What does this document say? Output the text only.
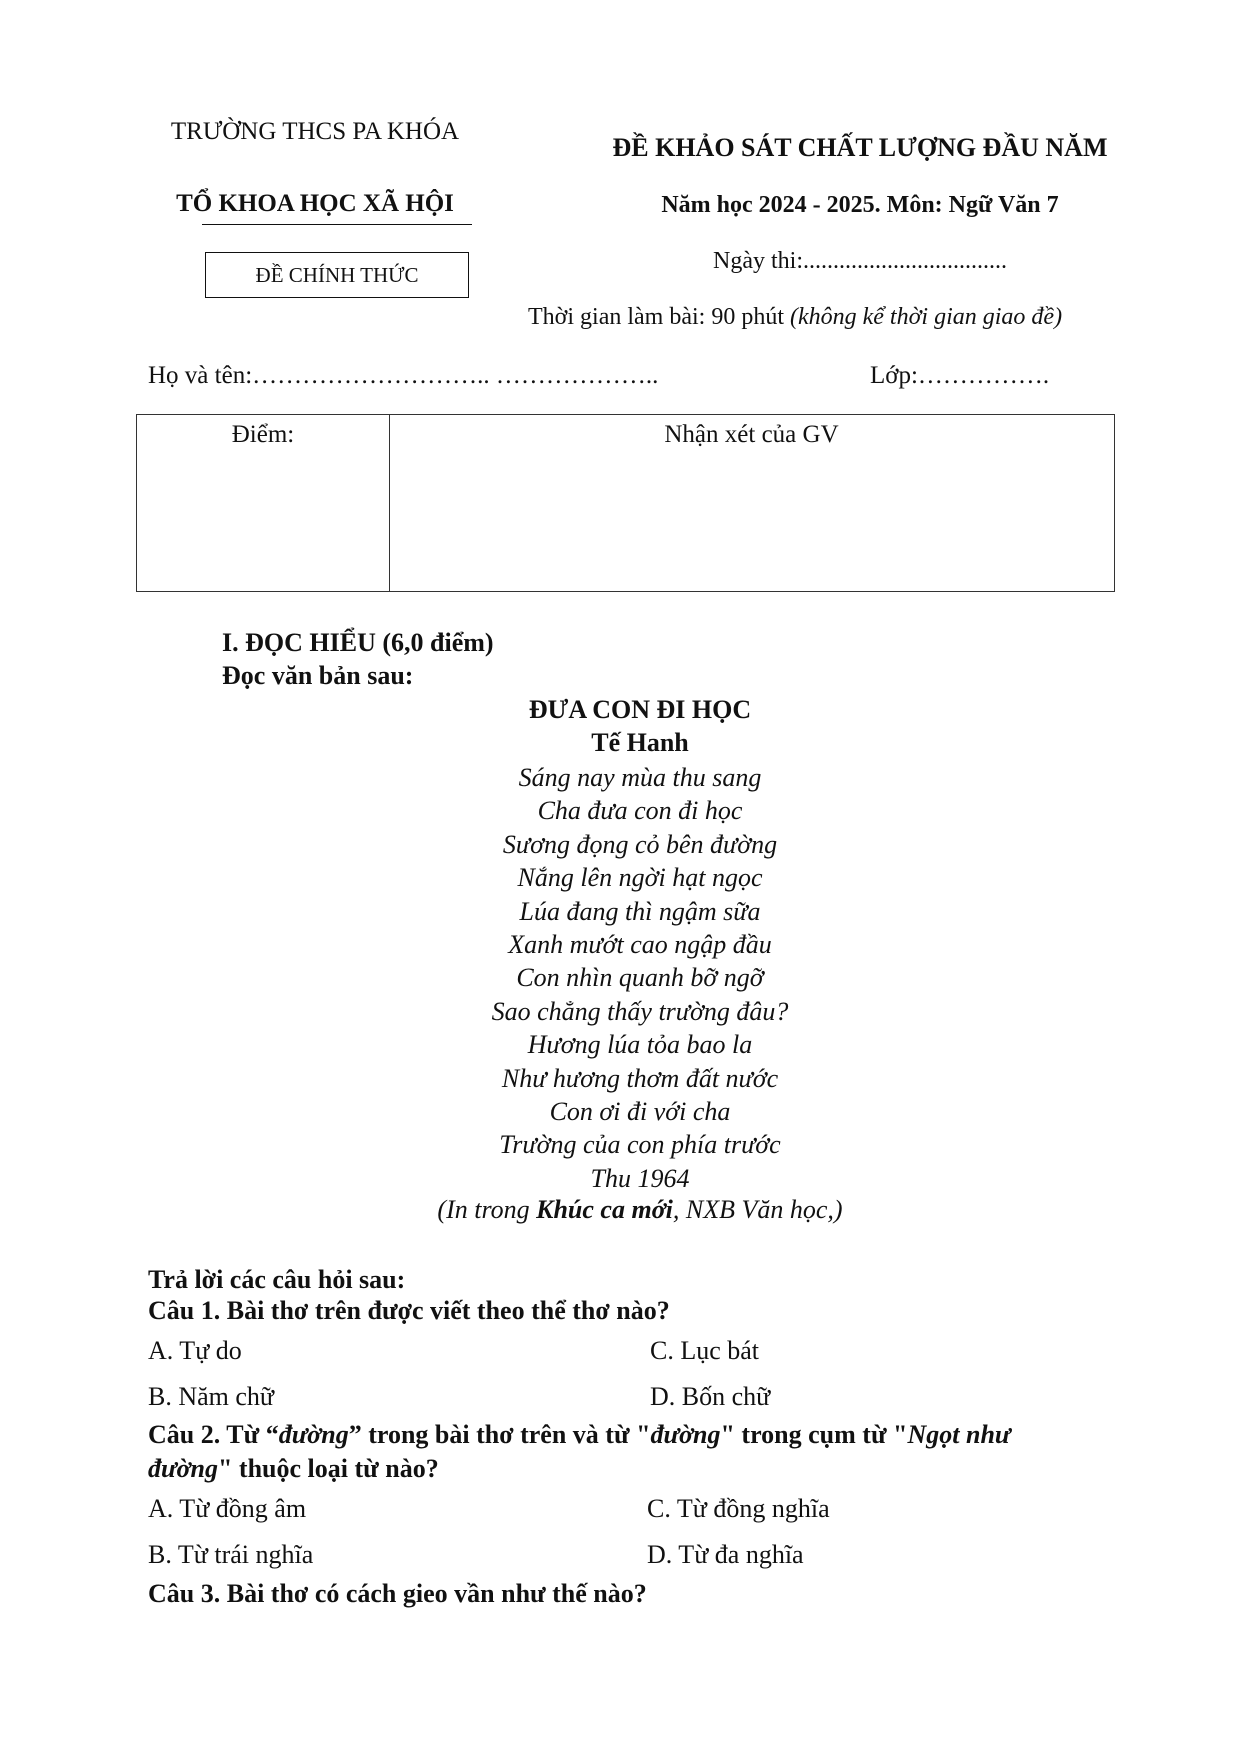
TRƯỜNG THCS PA KHÓA
TỔ KHOA HỌC XÃ HỘI
ĐỀ CHÍNH THỨC
ĐỀ KHẢO SÁT CHẤT LƯỢNG ĐẦU NĂM
Năm học 2024 - 2025. Môn: Ngữ Văn 7
Ngày thi:..................................
Thời gian làm bài: 90 phút (không kể thời gian giao đề)
Họ và tên:……………………….. ………………..	Lớp:…………….
Điểm:	Nhận xét của GV
I. ĐỌC HIỂU (6,0 điểm)
Đọc văn bản sau:
ĐƯA CON ĐI HỌC
Tế Hanh
Sáng nay mùa thu sang
Cha đưa con đi học
Sương đọng cỏ bên đường
Nắng lên ngời hạt ngọc
Lúa đang thì ngậm sữa
Xanh mướt cao ngập đầu
Con nhìn quanh bỡ ngỡ
Sao chẳng thấy trường đâu?
Hương lúa tỏa bao la
Như hương thơm đất nước
Con ơi đi với cha
Trường của con phía trước
Thu 1964
(In trong Khúc ca mới, NXB Văn học,)
Trả lời các câu hỏi sau:
Câu 1. Bài thơ trên được viết theo thể thơ nào?
A. Tự do	C. Lục bát
B. Năm chữ	D. Bốn chữ
Câu 2. Từ “đường” trong bài thơ trên và từ "đường" trong cụm từ "Ngọt như
đường" thuộc loại từ nào?
A. Từ đồng âm	C. Từ đồng nghĩa
B. Từ trái nghĩa	D. Từ đa nghĩa
Câu 3. Bài thơ có cách gieo vần như thế nào?
